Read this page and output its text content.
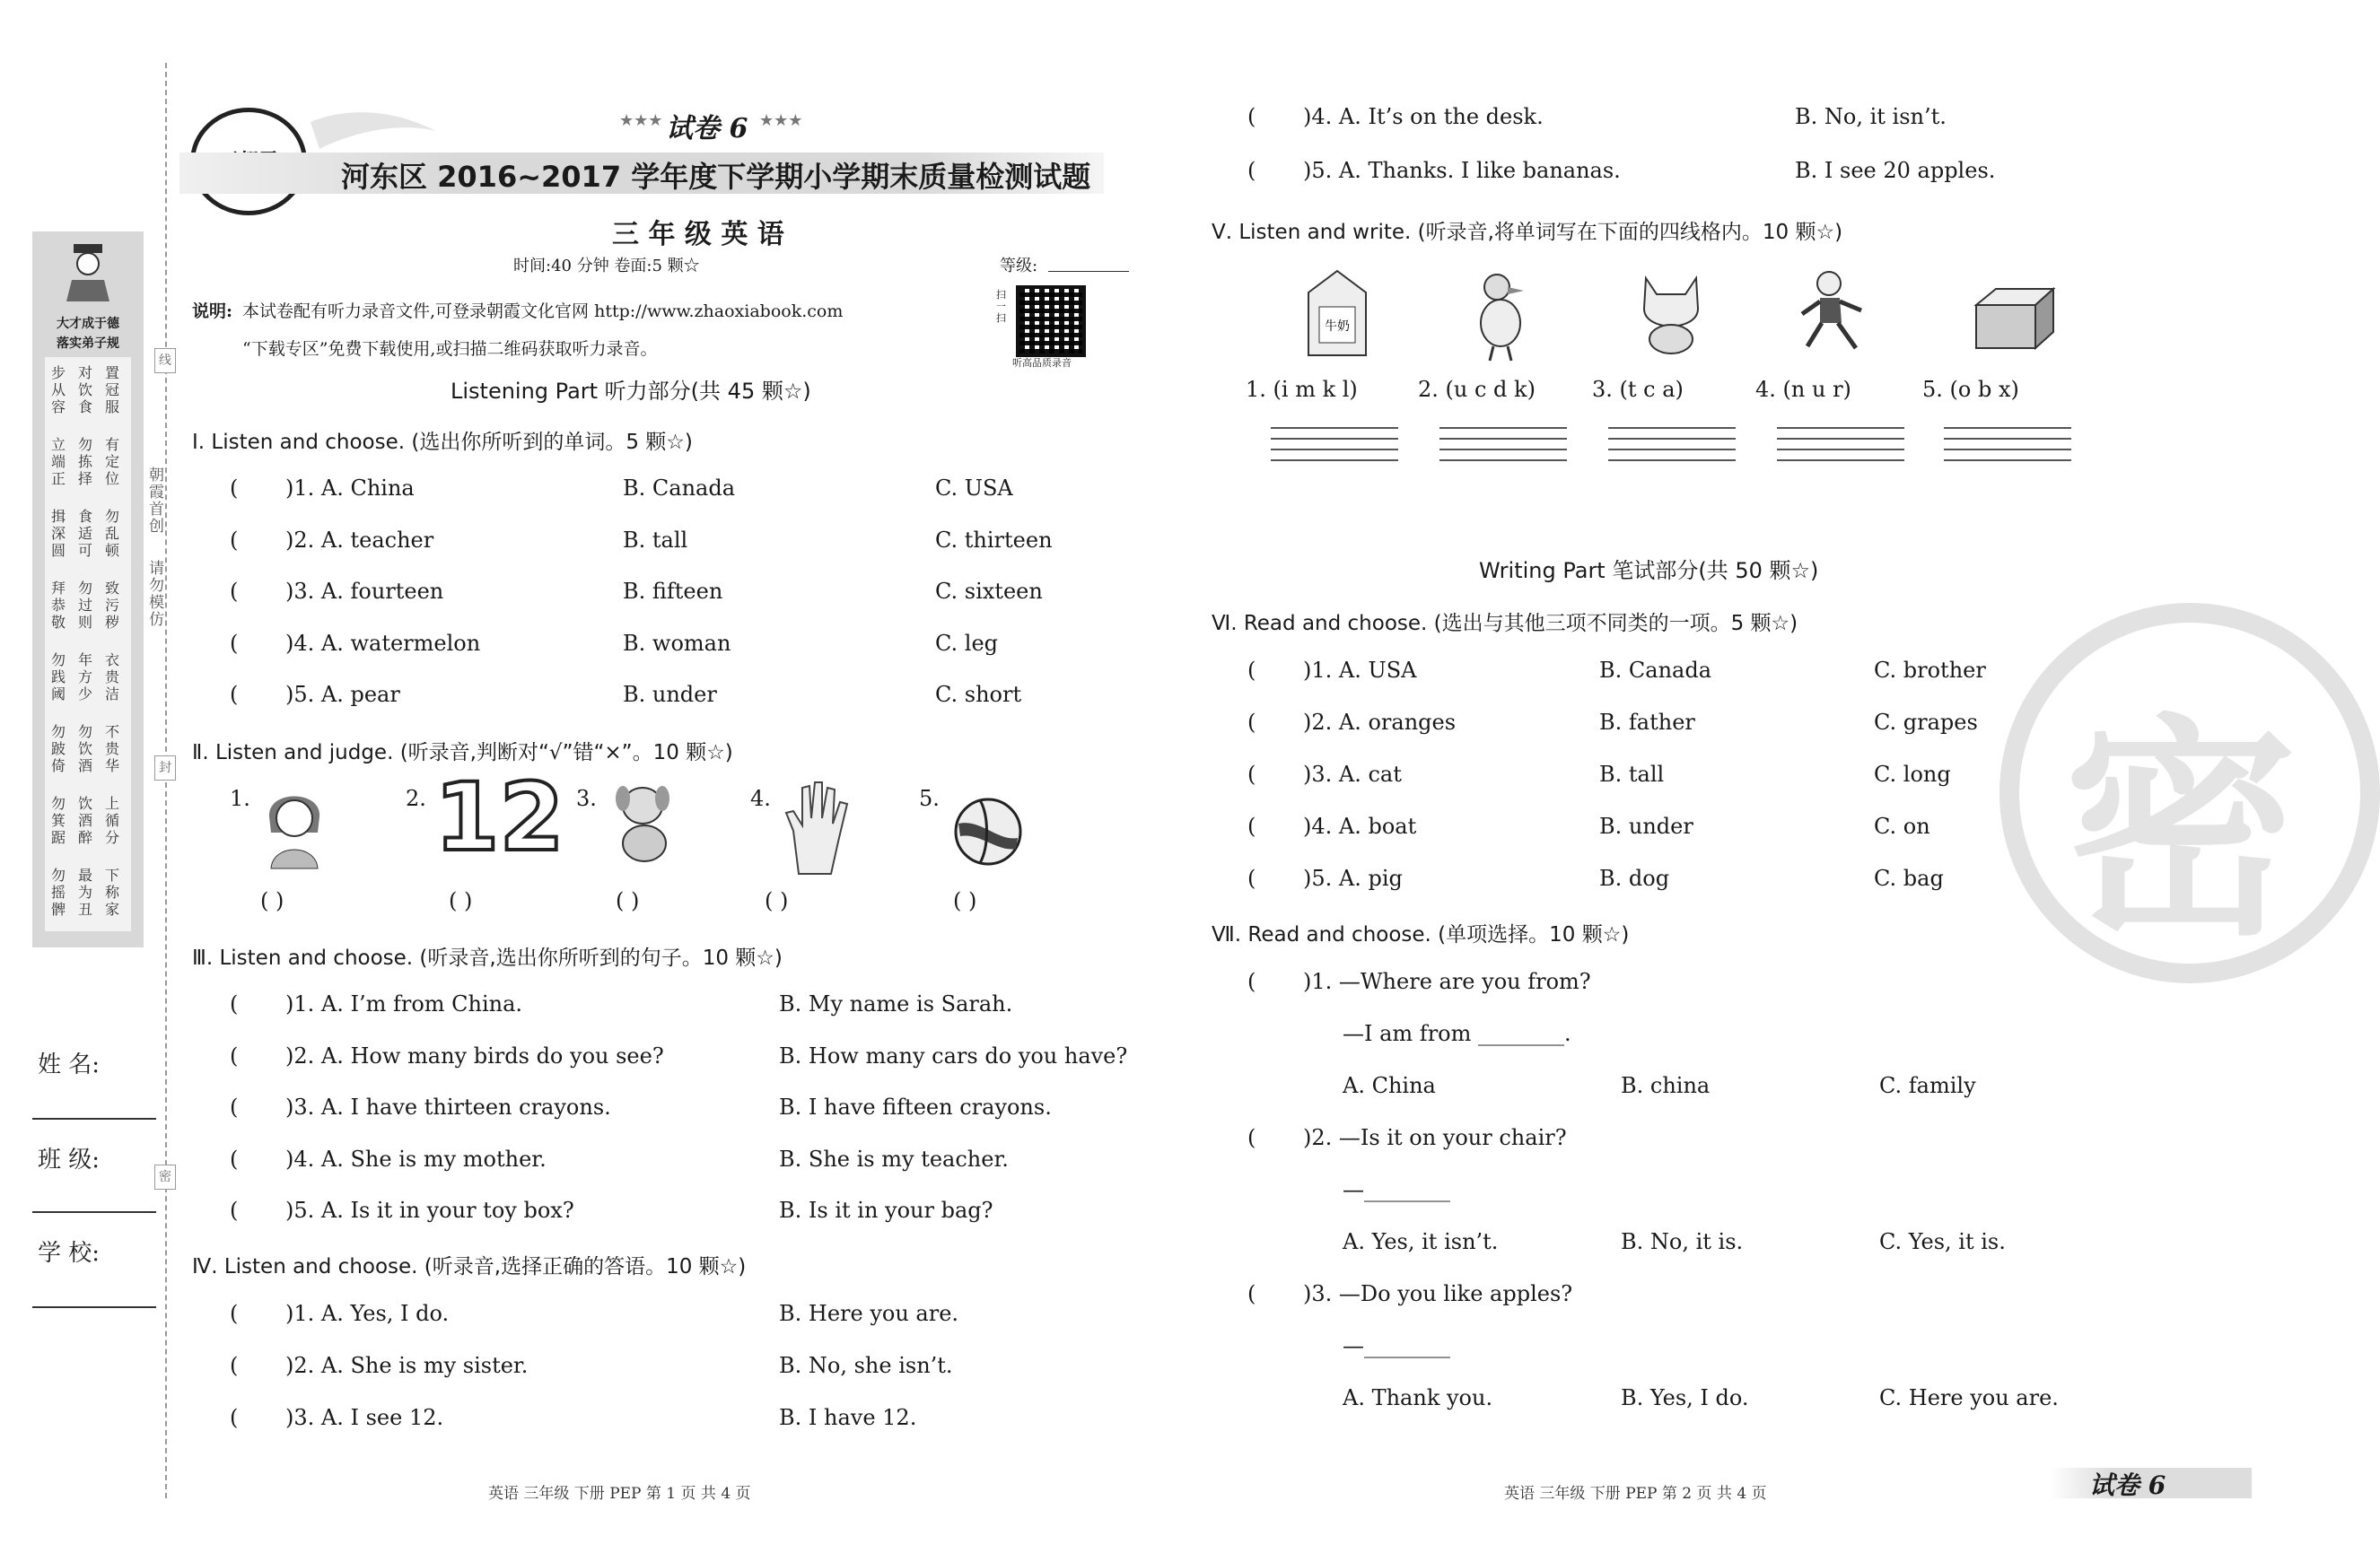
线
封
密
朝霞首创
请勿模仿
大才成于德
落实弟子规
步从容
对饮食
置冠服
立端正
勿拣择
有定位
揖深圆
食适可
勿乱顿
拜恭敬
勿过则
致污秽
勿践阈
年方少
衣贵洁
勿跛倚
勿饮酒
不贵华
勿箕踞
饮酒醉
上循分
勿摇髀
最为丑
下称家
姓 名:
班 级:
学 校:
★★★ 试卷 6 ★★★
河东区 2016~2017 学年度下学期小学期末质量检测试题
三 年 级 英 语
时间:40 分钟 卷面:5 颗☆	等级:
说明: 本试卷配有听力录音文件,可登录朝霞文化官网 http://www.zhaoxiabook.com
“下载专区”免费下载使用,或扫描二维码获取听力录音。
扫一扫
听高品质录音
Listening Part 听力部分(共 45 颗☆)
Ⅰ. Listen and choose. (选出你所听到的单词。5 颗☆)
( )1. A. China	B. Canada	C. USA
( )2. A. teacher	B. tall	C. thirteen
( )3. A. fourteen	B. fifteen	C. sixteen
( )4. A. watermelon	B. woman	C. leg
( )5. A. pear	B. under	C. short
Ⅱ. Listen and judge. (听录音,判断对“√”错“×”。10 颗☆)
1.	2. 12 3.	4.	5.
( )	( )	( )	( )	( )
Ⅲ. Listen and choose. (听录音,选出你所听到的句子。10 颗☆)
( )1. A. I’m from China.	B. My name is Sarah.
( )2. A. How many birds do you see?	B. How many cars do you have?
( )3. A. I have thirteen crayons.	B. I have fifteen crayons.
( )4. A. She is my mother.	B. She is my teacher.
( )5. A. Is it in your toy box?	B. Is it in your bag?
Ⅳ. Listen and choose. (听录音,选择正确的答语。10 颗☆)
( )1. A. Yes, I do.	B. Here you are.
( )2. A. She is my sister.	B. No, she isn’t.
( )3. A. I see 12.	B. I have 12.
( )4. A. It’s on the desk.	B. No, it isn’t.
( )5. A. Thanks. I like bananas.	B. I see 20 apples.
英语 三年级 下册 PEP 第 1 页 共 4 页
Ⅴ. Listen and write. (听录音,将单词写在下面的四线格内。10 颗☆)
牛奶
1. (i m k l)	2. (u c d k)	3. (t c a)	4. (n u r)	5. (o b x)
Writing Part 笔试部分(共 50 颗☆)
Ⅵ. Read and choose. (选出与其他三项不同类的一项。5 颗☆)
( )1. A. USA	B. Canada	C. brother
( )2. A. oranges	B. father	C. grapes
( )3. A. cat	B. tall	C. long
( )4. A. boat	B. under	C. on
( )5. A. pig	B. dog	C. bag
Ⅶ. Read and choose. (单项选择。10 颗☆)
( )1. —Where are you from?
—I am from ________.
A. China	B. china	C. family
( )2. —Is it on your chair?
—________
A. Yes, it isn’t.	B. No, it is.	C. Yes, it is.
( )3. —Do you like apples?
—________
A. Thank you.	B. Yes, I do.	C. Here you are.
密
英语 三年级 下册 PEP 第 2 页 共 4 页	试卷 6
